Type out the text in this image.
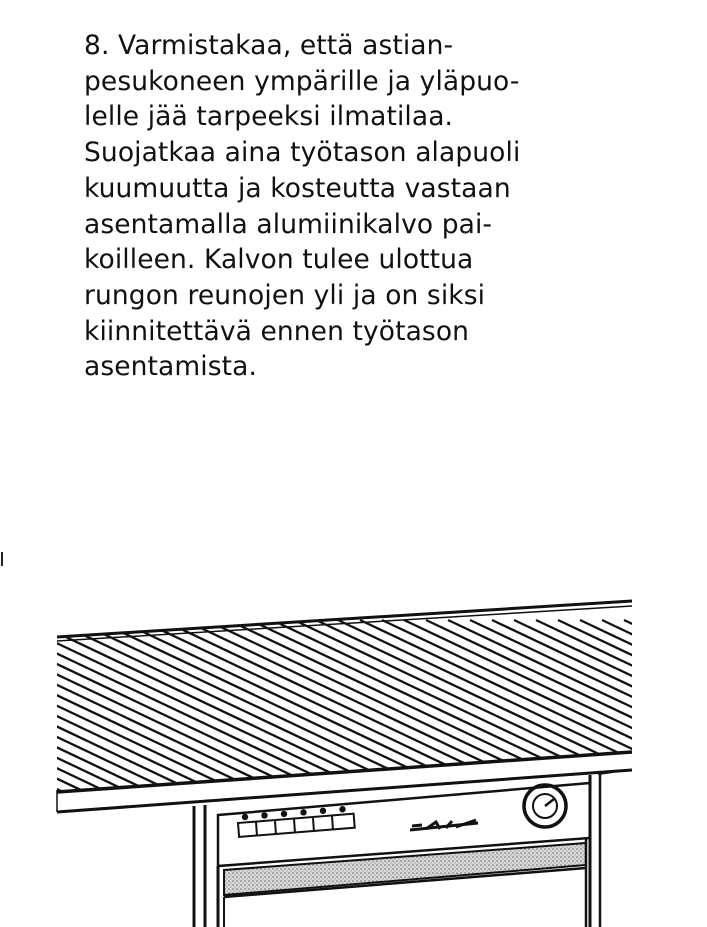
8. Varmistakaa, että astian-
pesukoneen ympärille ja yläpuo-
lelle jää tarpeeksi ilmatilaa.
Suojatkaa aina työtason alapuoli
kuumuutta ja kosteutta vastaan
asentamalla alumiinikalvo pai-
koilleen. Kalvon tulee ulottua
rungon reunojen yli ja on siksi
kiinnitettävä ennen työtason
asentamista.
